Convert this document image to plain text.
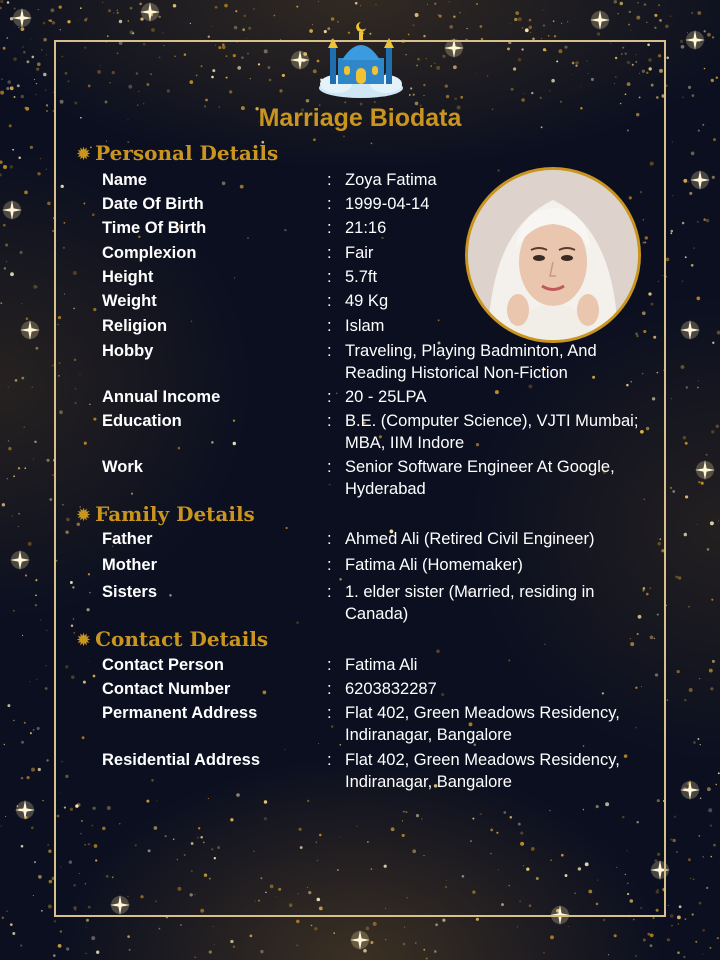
Marriage Biodata
✹ Personal Details
Name	: Zoya Fatima
Date Of Birth	: 1999-04-14
Time Of Birth	: 21:16
Complexion	: Fair
Height	: 5.7ft
Weight	: 49 Kg
Religion	: Islam
Hobby	: Traveling, Playing Badminton, And Reading Historical Non-Fiction
Annual Income	: 20 - 25LPA
Education	: B.E. (Computer Science), VJTI Mumbai; MBA, IIM Indore
Work	: Senior Software Engineer At Google, Hyderabad
✹ Family Details
Father	: Ahmed Ali (Retired Civil Engineer)
Mother	: Fatima Ali (Homemaker)
Sisters	: 1. elder sister (Married, residing in Canada)
✹ Contact Details
Contact Person	: Fatima Ali
Contact Number	: 6203832287
Permanent Address	: Flat 402, Green Meadows Residency, Indiranagar, Bangalore
Residential Address	: Flat 402, Green Meadows Residency, Indiranagar, Bangalore
